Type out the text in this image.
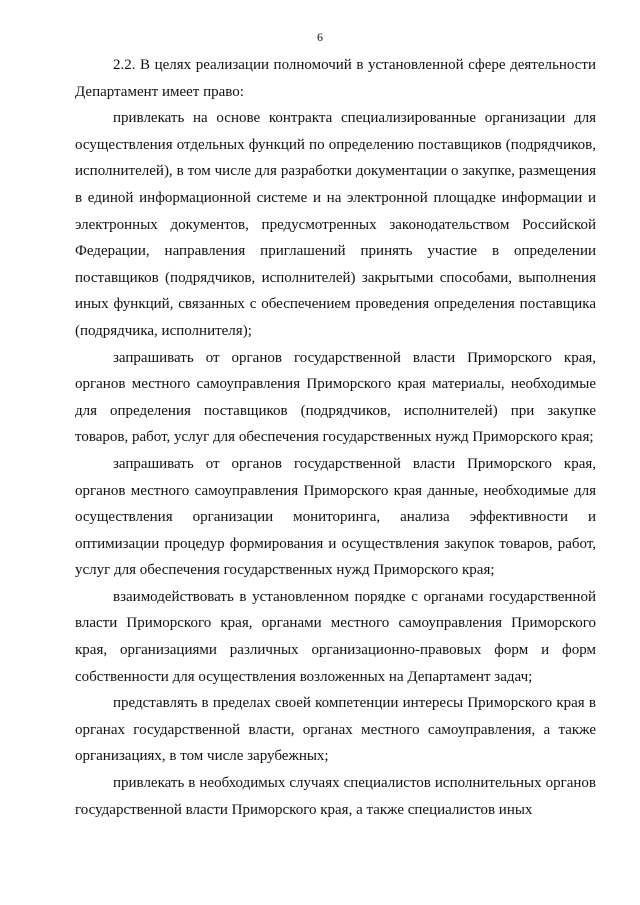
6

2.2. В целях реализации полномочий в установленной сфере деятельности Департамент имеет право:

привлекать на основе контракта специализированные организации для осуществления отдельных функций по определению поставщиков (подрядчиков, исполнителей), в том числе для разработки документации о закупке, размещения в единой информационной системе и на электронной площадке информации и электронных документов, предусмотренных законодательством Российской Федерации, направления приглашений принять участие в определении поставщиков (подрядчиков, исполнителей) закрытыми способами, выполнения иных функций, связанных с обеспечением проведения определения поставщика (подрядчика, исполнителя);

запрашивать от органов государственной власти Приморского края, органов местного самоуправления Приморского края материалы, необходимые для определения поставщиков (подрядчиков, исполнителей) при закупке товаров, работ, услуг для обеспечения государственных нужд Приморского края;

запрашивать от органов государственной власти Приморского края, органов местного самоуправления Приморского края данные, необходимые для осуществления организации мониторинга, анализа эффективности и оптимизации процедур формирования и осуществления закупок товаров, работ, услуг для обеспечения государственных нужд Приморского края;

взаимодействовать в установленном порядке с органами государственной власти Приморского края, органами местного самоуправления Приморского края, организациями различных организационно-правовых форм и форм собственности для осуществления возложенных на Департамент задач;

представлять в пределах своей компетенции интересы Приморского края в органах государственной власти, органах местного самоуправления, а также организациях, в том числе зарубежных;

привлекать в необходимых случаях специалистов исполнительных органов государственной власти Приморского края, а также специалистов иных
